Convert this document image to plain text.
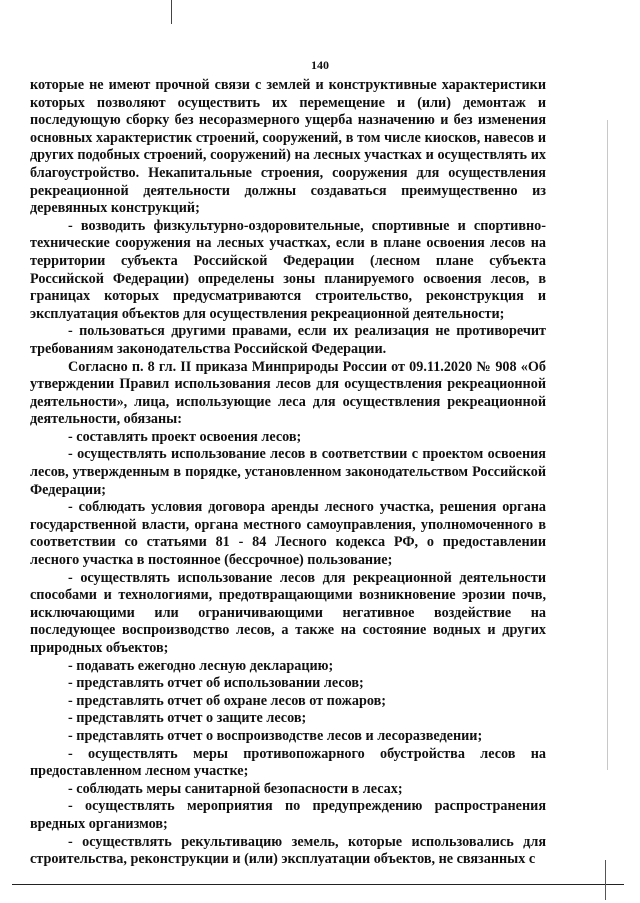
140

которые не имеют прочной связи с землей и конструктивные характеристики которых позволяют осуществить их перемещение и (или) демонтаж и последующую сборку без несоразмерного ущерба назначению и без изменения основных характеристик строений, сооружений, в том числе киосков, навесов и других подобных строений, сооружений) на лесных участках и осуществлять их благоустройство. Некапитальные строения, сооружения для осуществления рекреационной деятельности должны создаваться преимущественно из деревянных конструкций;

- возводить физкультурно-оздоровительные, спортивные и спортивно-технические сооружения на лесных участках, если в плане освоения лесов на территории субъекта Российской Федерации (лесном плане субъекта Российской Федерации) определены зоны планируемого освоения лесов, в границах которых предусматриваются строительство, реконструкция и эксплуатация объектов для осуществления рекреационной деятельности;

- пользоваться другими правами, если их реализация не противоречит требованиям законодательства Российской Федерации.

Согласно п. 8 гл. II приказа Минприроды России от 09.11.2020 № 908 «Об утверждении Правил использования лесов для осуществления рекреационной деятельности», лица, использующие леса для осуществления рекреационной деятельности, обязаны:

- составлять проект освоения лесов;

- осуществлять использование лесов в соответствии с проектом освоения лесов, утвержденным в порядке, установленном законодательством Российской Федерации;

- соблюдать условия договора аренды лесного участка, решения органа государственной власти, органа местного самоуправления, уполномоченного в соответствии со статьями 81 - 84 Лесного кодекса РФ, о предоставлении лесного участка в постоянное (бессрочное) пользование;

- осуществлять использование лесов для рекреационной деятельности способами и технологиями, предотвращающими возникновение эрозии почв, исключающими или ограничивающими негативное воздействие на последующее воспроизводство лесов, а также на состояние водных и других природных объектов;

- подавать ежегодно лесную декларацию;

- представлять отчет об использовании лесов;

- представлять отчет об охране лесов от пожаров;

- представлять отчет о защите лесов;

- представлять отчет о воспроизводстве лесов и лесоразведении;

- осуществлять меры противопожарного обустройства лесов на предоставленном лесном участке;

- соблюдать меры санитарной безопасности в лесах;

- осуществлять мероприятия по предупреждению распространения вредных организмов;

- осуществлять рекультивацию земель, которые использовались для строительства, реконструкции и (или) эксплуатации объектов, не связанных с
